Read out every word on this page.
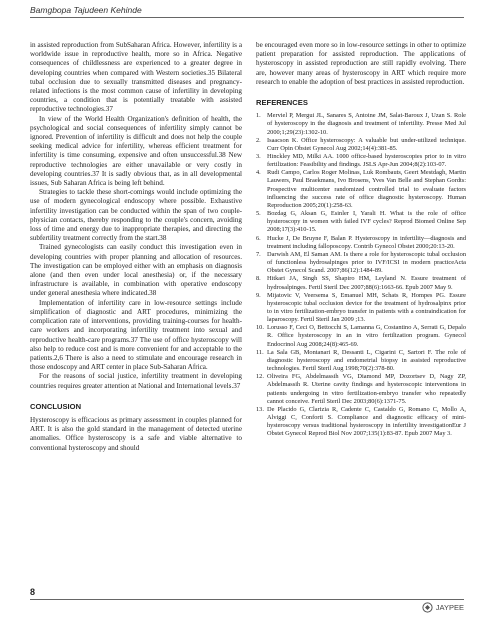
Bamgbopa Tajudeen Kehinde

in assisted reproduction from SubSaharan Africa. However, infertility is a worldwide issue in reproductive health, more so in Africa. Negative consequences of childlessness are experienced to a greater degree in developing countries when compared with Western societies.35 Bilateral tubal occlusion due to sexually transmitted diseases and pregnancy-related infections is the most common cause of infertility in developing countries, a condition that is potentially treatable with assisted reproductive technologies.37

In view of the World Health Organization's definition of health, the psychological and social consequences of infertility simply cannot be ignored. Prevention of infertility is difficult and does not help the couple seeking medical advice for infertility, whereas efficient treatment for infertility is time consuming, expensive and often unsuccessful.38 New reproductive technologies are either unavailable or very costly in developing countries.37 It is sadly obvious that, as in all developmental issues, Sub Saharan Africa is being left behind.

Strategies to tackle these short-comings would include optimizing the use of modern gynecological endoscopy where possible. Exhaustive infertility investigation can be conducted within the span of two couple-physician contacts, thereby responding to the couple's concern, avoiding loss of time and energy due to inappropriate therapies, and directing the subfertility treatment correctly from the start.38

Trained gynecologists can easily conduct this investigation even in developing countries with proper planning and allocation of resources. The investigation can be employed either with an emphasis on diagnosis alone (and then even under local anesthesia) or, if the necessary infrastructure is available, in combination with operative endoscopy under general anesthesia where indicated.38

Implementation of infertility care in low-resource settings include simplification of diagnostic and ART procedures, minimizing the complication rate of interventions, providing training-courses for health-care workers and incorporating infertility treatment into sexual and reproductive health-care programs.37 The use of office hysteroscopy will also help to reduce cost and is more convenient for and acceptable to the patients.2,6 There is also a need to stimulate and encourage research in those endoscopy and ART center in place Sub-Saharan Africa.

For the reasons of social justice, infertility treatment in developing countries requires greater attention at National and International levels.37

CONCLUSION

Hysteroscopy is efficacious as primary assessment in couples planned for ART. It is also the gold standard in the management of detected uterine anomalies. Office hysteroscopy is a safe and viable alternative to conventional hysteroscopy and should

be encouraged even more so in low-resource settings in other to optimize patient preparation for assisted reproduction. The applications of hysteroscopy in assisted reproduction are still rapidly evolving. There are, however many areas of hysteroscopy in ART which require more research to enable the adoption of best practices in assisted reproduction.

REFERENCES
1. Merviel P, Mergui JL, Sanares S, Antoine JM, Salat-Baroux J, Uzan S. Role of hysteroscopy in the diagnosis and treatment of infertility. Presse Med Jul 2000;1;29(23):1302-10.
2. Isaacson K. Office hysteroscopy: A valuable but under-utilized technique. Curr Opin Obstet Gynecol Aug 2002;14(4):381-85.
3. Hinckley MD, Milki AA. 1000 office-based hysteroscopies prior to in vitro fertilization: Feasibility and findings. JSLS Apr-Jun 2004;8(2):103-07.
4. Rudi Campo, Carlos Roger Molinas, Luk Rombauts, Geert Mestdagh, Martin Lauwers, Paul Braekmans, Ivo Brosens, Yves Van Belle and Stephan Gordts: Prospective multicenter randomized controlled trial to evaluate factors influencing the success rate of office diagnostic hysteroscopy. Human Reproduction 2005;20(1):258-63.
5. Bozdag G, Aksan G, Esinler I, Yarali H. What is the role of office hysteroscopy in women with failed IVF cycles? Reprod Biomed Online Sep 2008;17(3):410-15.
6. Hucke J, De Bruyne F, Balan P. Hysteroscopy in infertility—diagnosis and treatment including falloposcopy. Contrib Gynecol Obstet 2000;20:13-20.
7. Darwish AM, El Saman AM. Is there a role for hysteroscopic tubal occlusion of functionless hydrosalpinges prior to IVF/ICSI in modern practiceActa Obstet Gynecol Scand. 2007;86(12):1484-89.
8. Hitkari JA, Singh SS, Shapiro HM, Leyland N. Essure treatment of hydrosalpinges. Fertil Steril Dec 2007;88(6):1663-66. Epub 2007 May 9.
9. Mijatovic V, Veersema S, Emanuel MH, Schats R, Hompes PG. Essure hysteroscopic tubal occlusion device for the treatment of hydrosalpinx prior to in vitro fertilization-embryo transfer in patients with a contraindication for laparoscopy. Fertil Steril Jan 2009 ;13.
10. Lorusso F, Ceci O, Bettocchi S, Lamanna G, Costantino A, Serrati G, Depalo R. Office hysteroscopy in an in vitro fertilization program. Gynecol Endocrinol Aug 2008;24(8):465-69.
11. La Sala GB, Montanari R, Dessanti L, Cigarini C, Sartori F. The role of diagnostic hysteroscopy and endometrial biopsy in assisted reproductive technologies. Fertil Steril Aug 1998;70(2):378-80.
12. Oliveira FG, Abdelmassih VG, Diamond MP, Dozortsev D, Nagy ZP, Abdelmassih R. Uterine cavity findings and hysteroscopic interventions in patients undergoing in vitro fertilization-embryo transfer who repeatedly cannot conceive. Fertil Steril Dec 2003;80(6):1371-75.
13. De Placido G, Clarizia R, Cadente C, Castaldo G, Romano C, Mollo A, Alviggi C, Conforti S. Compliance and diagnostic efficacy of mini-hysteroscopy versus traditional hysteroscopy in infertility investigationEur J Obstet Gynecol Reprod Biol Nov 2007;135(1):83-87. Epub 2007 May 3.
8
JAYPEE
